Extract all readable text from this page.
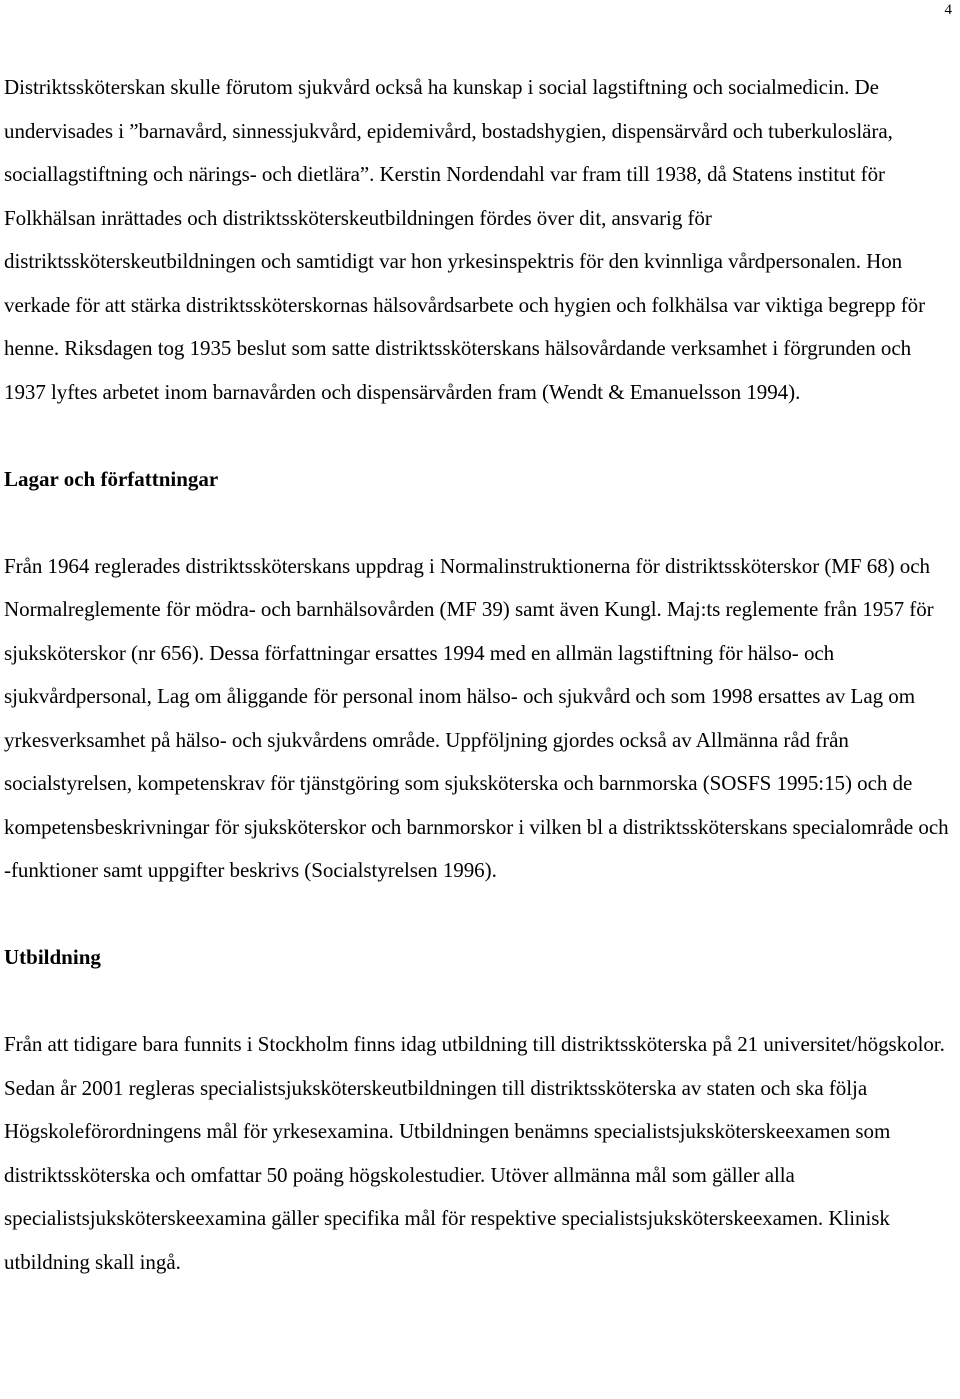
4

Distriktssköterskan skulle förutom sjukvård också ha kunskap i social lagstiftning och socialmedicin. De undervisades i ”barnavård, sinnessjukvård, epidemivård, bostadshygien, dispensärvård och tuberkuloslära, sociallagstiftning och närings- och dietlära”. Kerstin Nordendahl var fram till 1938, då Statens institut för Folkhälsan inrättades och distriktssköterskeutbildningen fördes över dit, ansvarig för distriktssköterskeutbildningen och samtidigt var hon yrkesinspektris för den kvinnliga vårdpersonalen. Hon verkade för att stärka distriktssköterskornas hälsovårdsarbete och hygien och folkhälsa var viktiga begrepp för henne. Riksdagen tog 1935 beslut som satte distriktssköterskans hälsovårdande verksamhet i förgrunden och 1937 lyftes arbetet inom barnavården och dispensärvården fram (Wendt & Emanuelsson 1994).

Lagar och författningar

Från 1964 reglerades distriktssköterskans uppdrag i Normalinstruktionerna för distriktssköterskor (MF 68) och Normalreglemente för mödra- och barnhälsovården (MF 39) samt även Kungl. Maj:ts reglemente från 1957 för sjuksköterskor (nr 656). Dessa författningar ersattes 1994 med en allmän lagstiftning för hälso- och sjukvårdpersonal, Lag om åliggande för personal inom hälso- och sjukvård och som 1998 ersattes av Lag om yrkesverksamhet på hälso- och sjukvårdens område. Uppföljning gjordes också av Allmänna råd från socialstyrelsen, kompetenskrav för tjänstgöring som sjuksköterska och barnmorska (SOSFS 1995:15) och de kompetensbeskrivningar för sjuksköterskor och barnmorskor i vilken bl a distriktssköterskans specialområde och -funktioner samt uppgifter beskrivs (Socialstyrelsen 1996).

Utbildning

Från att tidigare bara funnits i Stockholm finns idag utbildning till distriktssköterska på 21 universitet/högskolor. Sedan år 2001 regleras specialistsjuksköterskeutbildningen till distriktssköterska av staten och ska följa Högskoleförordningens mål för yrkesexamina. Utbildningen benämns specialistsjuksköterskeexamen som distriktssköterska och omfattar 50 poäng högskolestudier. Utöver allmänna mål som gäller alla specialistsjuksköterskeexamina gäller specifika mål för respektive specialistsjuksköterskeexamen. Klinisk utbildning skall ingå.
